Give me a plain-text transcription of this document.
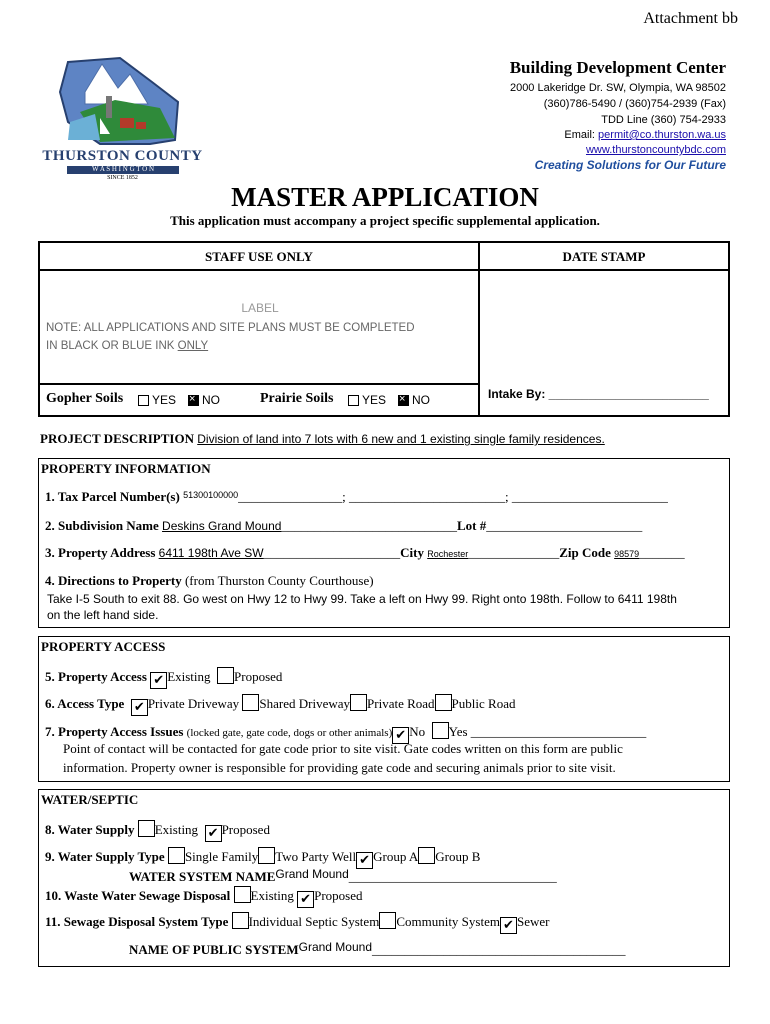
Attachment bb
THURSTON COUNTY
W A S H I N G T O N
SINCE 1852
Building Development Center
2000 Lakeridge Dr. SW, Olympia, WA 98502
(360)786-5490 / (360)754-2939 (Fax)
TDD Line (360) 754-2933
Email: permit@co.thurston.wa.us
www.thurstoncountybdc.com
Creating Solutions for Our Future
MASTER APPLICATION
This application must accompany a project specific supplemental application.
STAFF USE ONLY
LABEL
NOTE: ALL APPLICATIONS AND SITE PLANS MUST BE COMPLETED
IN BLACK OR BLUE INK ONLY
Gopher Soils	YES ×	NO	Prairie Soils	YES ×	NO
DATE STAMP
Intake By: ________________________
PROJECT DESCRIPTION Division of land into 7 lots with 6 new and 1 existing single family residences.
PROPERTY INFORMATION
1. Tax Parcel Number(s) $^{51300100000}$________________; ________________________; ________________________
2. Subdivision Name Deskins Grand Mound___________________________Lot #________________________
3. Property Address 6411 198th Ave SW_____________________City Rochester______________Zip Code 98579_______
4. Directions to Property (from Thurston County Courthouse)
Take I-5 South to exit 88. Go west on Hwy 12 to Hwy 99. Take a left on Hwy 99. Right onto 198th. Follow to 6411 198th
on the left hand side.
PROPERTY ACCESS
5. Property Access ✔ Existing Proposed
6. Access Type ✔ Private Driveway Shared Driveway Private Road Public Road
7. Property Access Issues (locked gate, gate code, dogs or other animals) ✔ No Yes ___________________________
Point of contact will be contacted for gate code prior to site visit. Gate codes written on this form are public
information. Property owner is responsible for providing gate code and securing animals prior to site visit.
WATER/SEPTIC
8. Water Supply Existing ✔ Proposed
9. Water Supply Type Single Family Two Party Well ✔ Group A Group B
WATER SYSTEM NAMEGrand Mound________________________________
10. Waste Water Sewage Disposal Existing ✔ Proposed
11. Sewage Disposal System Type Individual Septic System Community System ✔ Sewer
NAME OF PUBLIC SYSTEMGrand Mound_______________________________________
